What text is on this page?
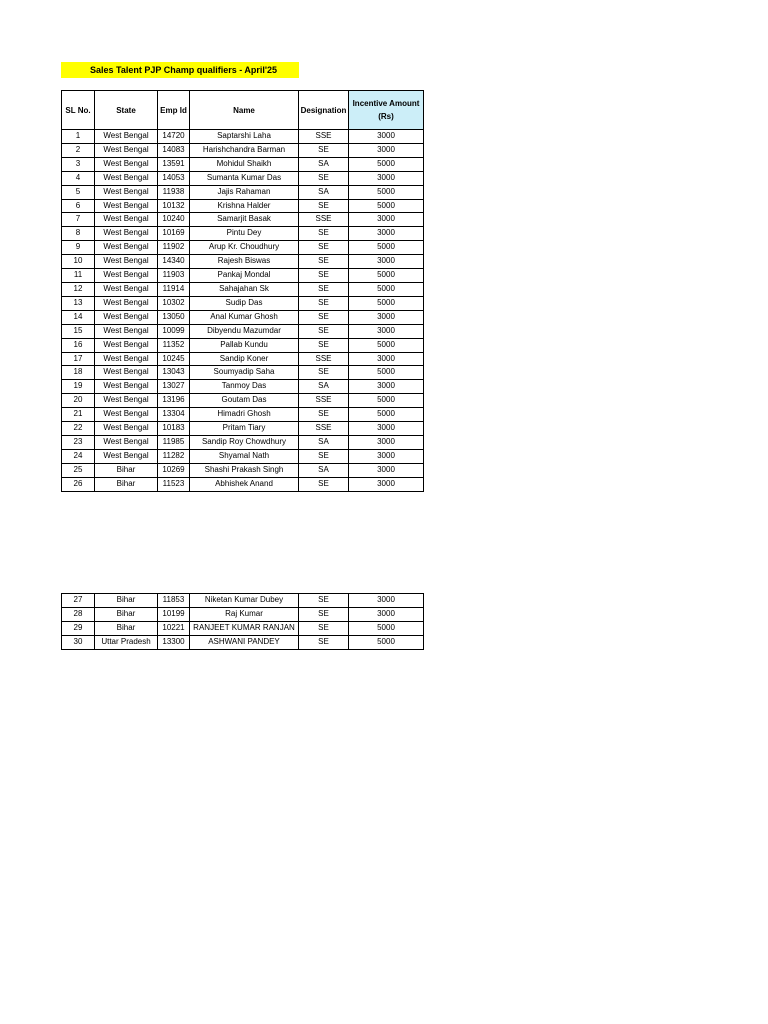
Sales Talent PJP Champ qualifiers - April'25
SL No.	State	Emp Id	Name	Designation	Incentive Amount
(Rs)
1	West Bengal	14720	Saptarshi Laha	SSE	3000
2	West Bengal	14083	Harishchandra Barman	SE	3000
3	West Bengal	13591	Mohidul Shaikh	SA	5000
4	West Bengal	14053	Sumanta Kumar Das	SE	3000
5	West Bengal	11938	Jajis Rahaman	SA	5000
6	West Bengal	10132	Krishna Halder	SE	5000
7	West Bengal	10240	Samarjit Basak	SSE	3000
8	West Bengal	10169	Pintu Dey	SE	3000
9	West Bengal	11902	Arup Kr. Choudhury	SE	5000
10	West Bengal	14340	Rajesh Biswas	SE	3000
11	West Bengal	11903	Pankaj Mondal	SE	5000
12	West Bengal	11914	Sahajahan Sk	SE	5000
13	West Bengal	10302	Sudip Das	SE	5000
14	West Bengal	13050	Anal Kumar Ghosh	SE	3000
15	West Bengal	10099	Dibyendu Mazumdar	SE	3000
16	West Bengal	11352	Pallab Kundu	SE	5000
17	West Bengal	10245	Sandip Koner	SSE	3000
18	West Bengal	13043	Soumyadip Saha	SE	5000
19	West Bengal	13027	Tanmoy Das	SA	3000
20	West Bengal	13196	Goutam Das	SSE	5000
21	West Bengal	13304	Himadri Ghosh	SE	5000
22	West Bengal	10183	Pritam Tiary	SSE	3000
23	West Bengal	11985	Sandip Roy Chowdhury	SA	3000
24	West Bengal	11282	Shyamal Nath	SE	3000
25	Bihar	10269	Shashi Prakash Singh	SA	3000
26	Bihar	11523	Abhishek Anand	SE	3000
27	Bihar	11853	Niketan Kumar Dubey	SE	3000
28	Bihar	10199	Raj Kumar	SE	3000
29	Bihar	10221	RANJEET KUMAR RANJAN	SE	5000
30	Uttar Pradesh	13300	ASHWANI PANDEY	SE	5000
